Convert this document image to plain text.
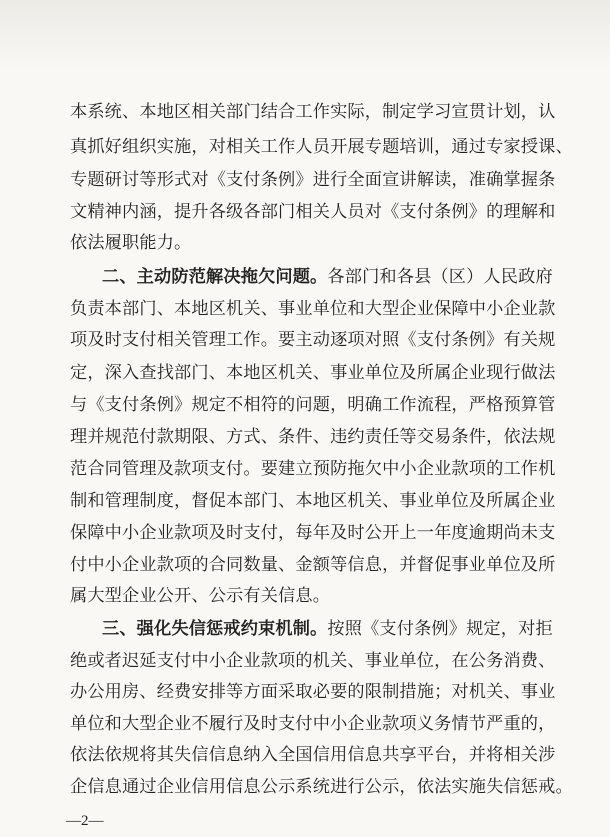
本系统、本地区相关部门结合工作实际，制定学习宣贯计划，认

真抓好组织实施，对相关工作人员开展专题培训，通过专家授课、

专题研讨等形式对《支付条例》进行全面宣讲解读，准确掌握条

文精神内涵，提升各级各部门相关人员对《支付条例》的理解和

依法履职能力。

二、主动防范解决拖欠问题。各部门和各县（区）人民政府

负责本部门、本地区机关、事业单位和大型企业保障中小企业款

项及时支付相关管理工作。要主动逐项对照《支付条例》有关规

定，深入查找部门、本地区机关、事业单位及所属企业现行做法

与《支付条例》规定不相符的问题，明确工作流程，严格预算管

理并规范付款期限、方式、条件、违约责任等交易条件，依法规

范合同管理及款项支付。要建立预防拖欠中小企业款项的工作机

制和管理制度，督促本部门、本地区机关、事业单位及所属企业

保障中小企业款项及时支付，每年及时公开上一年度逾期尚未支

付中小企业款项的合同数量、金额等信息，并督促事业单位及所

属大型企业公开、公示有关信息。

三、强化失信惩戒约束机制。按照《支付条例》规定，对拒

绝或者迟延支付中小企业款项的机关、事业单位，在公务消费、

办公用房、经费安排等方面采取必要的限制措施；对机关、事业

单位和大型企业不履行及时支付中小企业款项义务情节严重的，

依法依规将其失信信息纳入全国信用信息共享平台，并将相关涉

企信息通过企业信用信息公示系统进行公示，依法实施失信惩戒。

—2—
